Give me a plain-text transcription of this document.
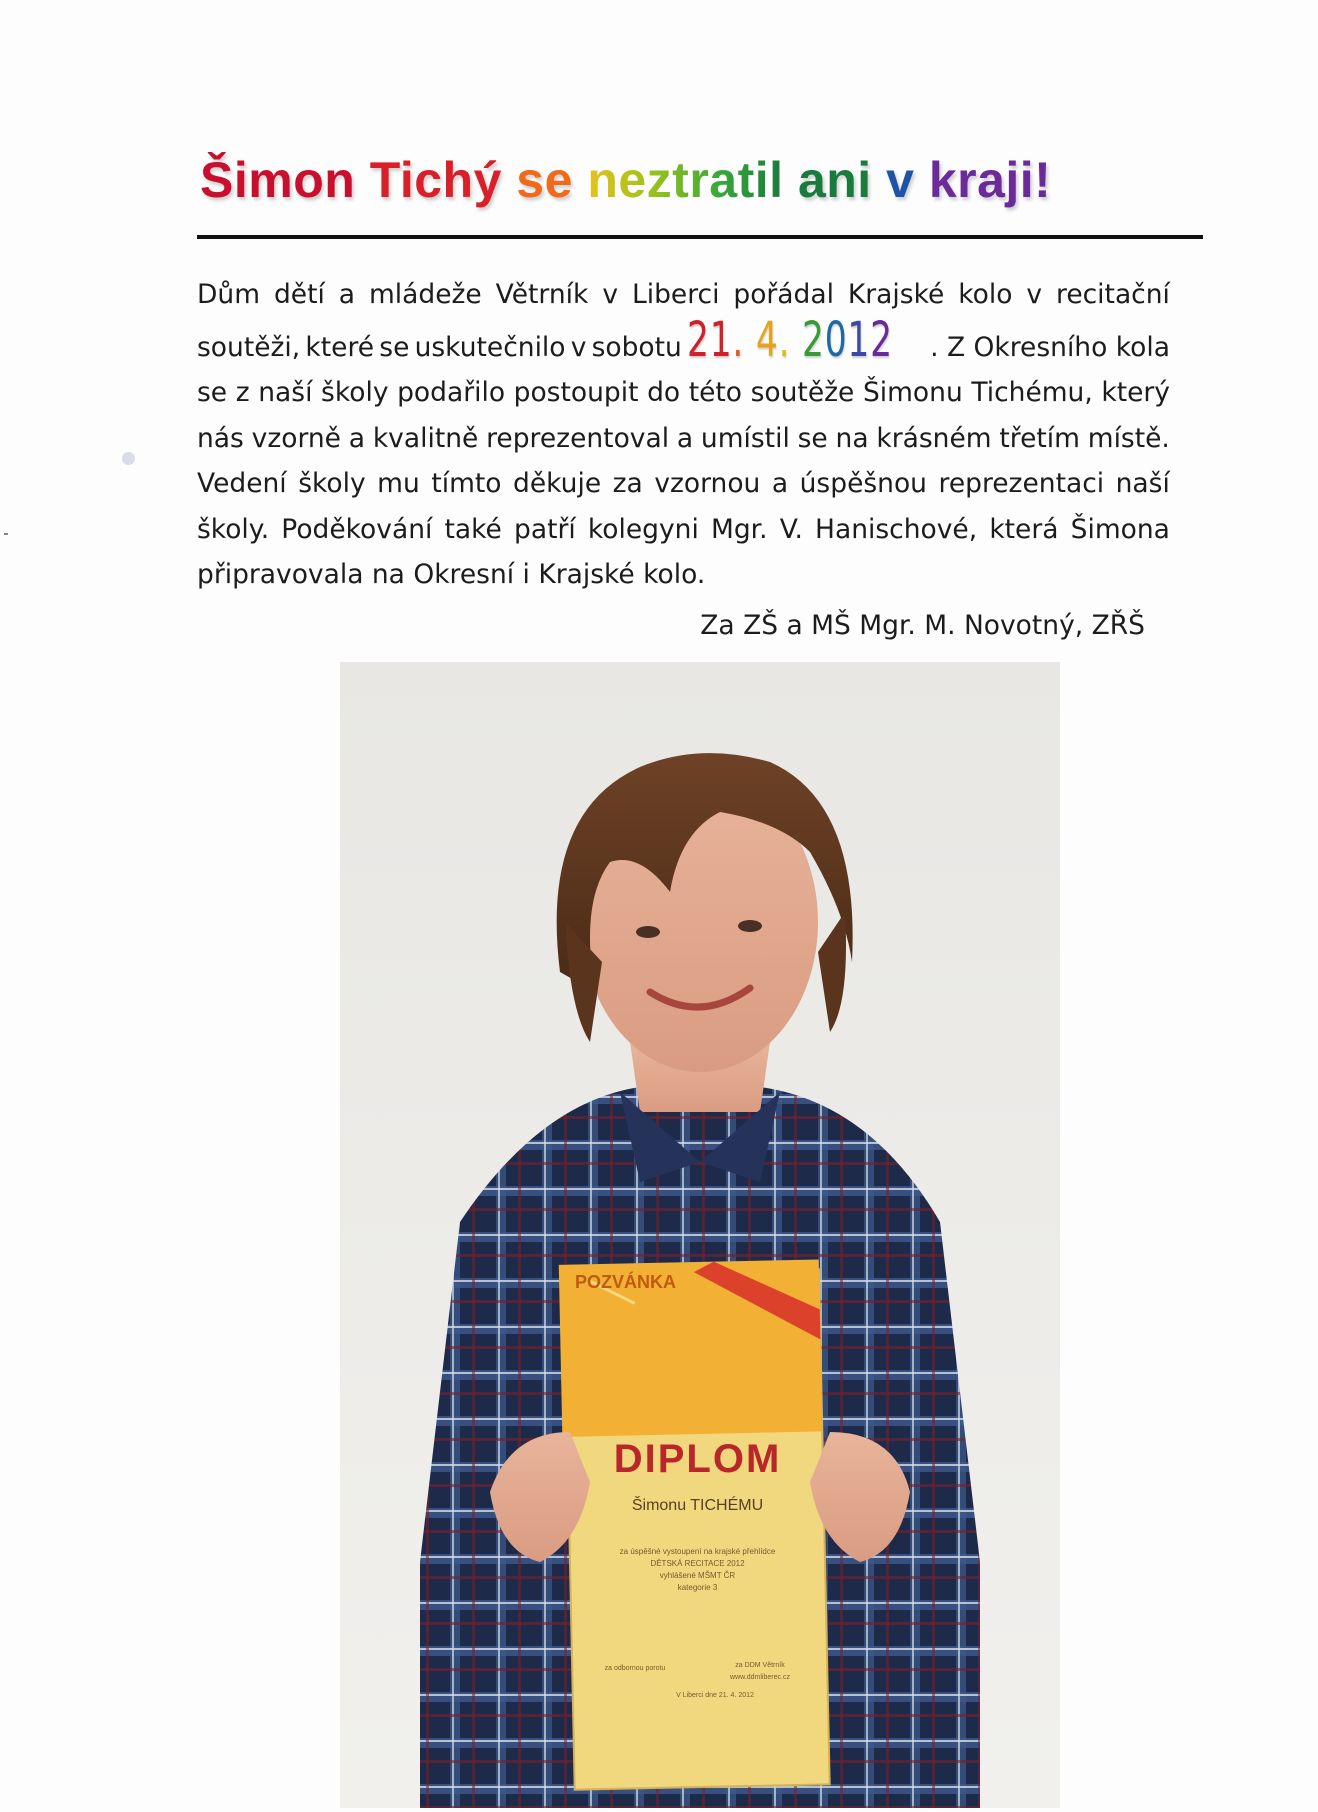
Šimon Tichý se neztratil ani v kraji!
Dům dětí a mládeže Větrník v Liberci pořádal Krajské kolo v recitační
soutěži, které se uskutečnilo v sobotu 21. 4. 2012 . Z Okresního kola
se z naší školy podařilo postoupit do této soutěže Šimonu Tichému, který
nás vzorně a kvalitně reprezentoval a umístil se na krásném třetím místě.
Vedení školy mu tímto děkuje za vzornou a úspěšnou reprezentaci naší
školy. Poděkování také patří kolegyni Mgr. V. Hanischové, která Šimona
připravovala na Okresní i Krajské kolo.
Za ZŠ a MŠ Mgr. M. Novotný, ZŘŠ
POZVÁNKA
DIPLOM
Šimonu TICHÉMU
za úspěšné vystoupení na krajské přehlídce
DĚTSKÁ RECITACE 2012
vyhlášené MŠMT ČR
kategorie 3
za odbornou porotu	za DDM Větrník
www.ddmliberec.cz
V Liberci dne 21. 4. 2012
